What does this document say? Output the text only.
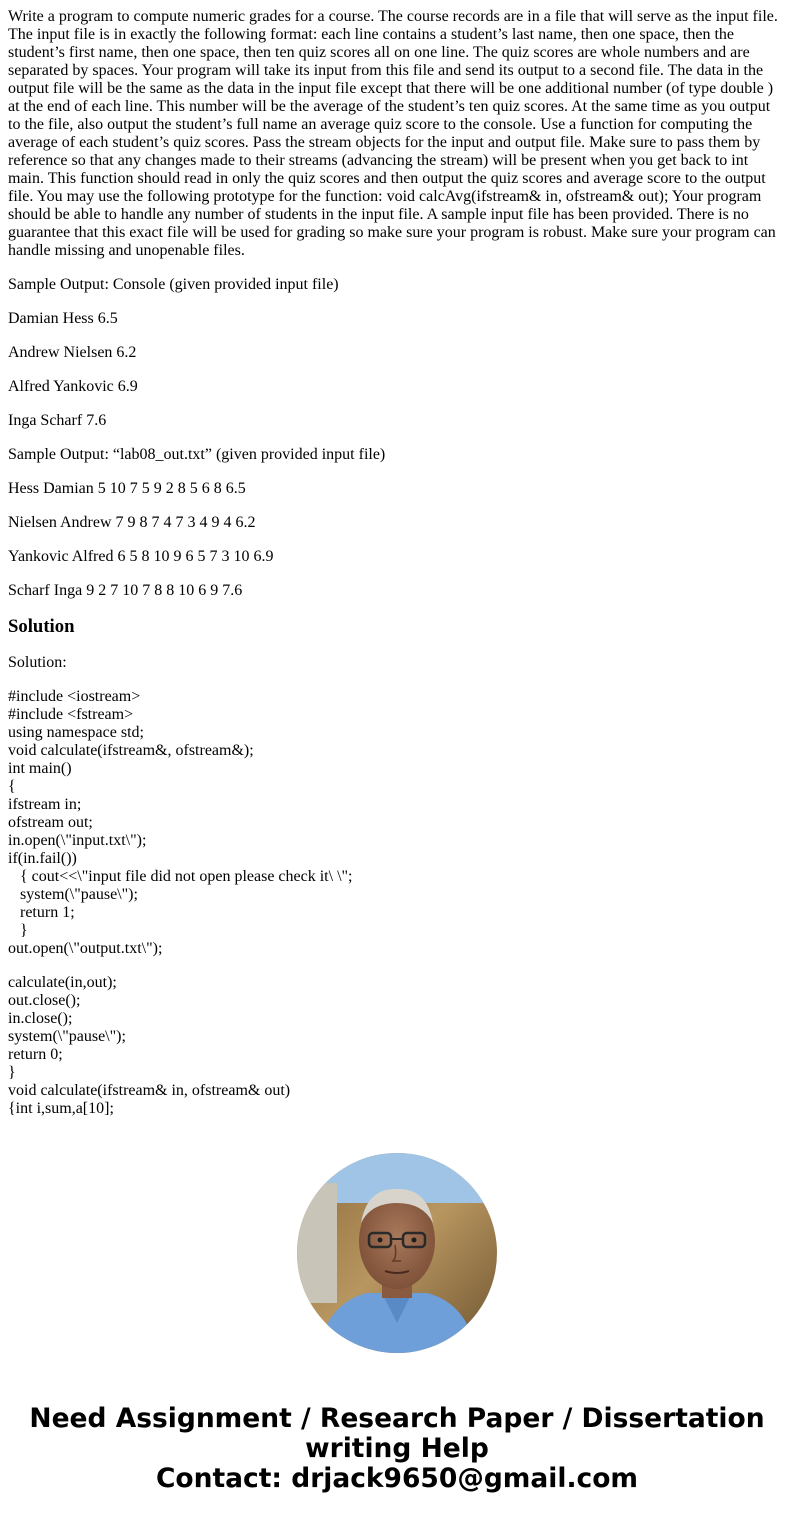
Write a program to compute numeric grades for a course. The course records are in a file that will serve as the input file. The input file is in exactly the following format: each line contains a student’s last name, then one space, then the student’s first name, then one space, then ten quiz scores all on one line. The quiz scores are whole numbers and are separated by spaces. Your program will take its input from this file and send its output to a second file. The data in the output file will be the same as the data in the input file except that there will be one additional number (of type double ) at the end of each line. This number will be the average of the student’s ten quiz scores. At the same time as you output to the file, also output the student’s full name an average quiz score to the console. Use a function for computing the average of each student’s quiz scores. Pass the stream objects for the input and output file. Make sure to pass them by reference so that any changes made to their streams (advancing the stream) will be present when you get back to int main. This function should read in only the quiz scores and then output the quiz scores and average score to the output file. You may use the following prototype for the function: void calcAvg(ifstream& in, ofstream& out); Your program should be able to handle any number of students in the input file. A sample input file has been provided. There is no guarantee that this exact file will be used for grading so make sure your program is robust. Make sure your program can handle missing and unopenable files.

Sample Output: Console (given provided input file)

Damian Hess 6.5

Andrew Nielsen 6.2

Alfred Yankovic 6.9

Inga Scharf 7.6

Sample Output: “lab08_out.txt” (given provided input file)

Hess Damian 5 10 7 5 9 2 8 5 6 8 6.5

Nielsen Andrew 7 9 8 7 4 7 3 4 9 4 6.2

Yankovic Alfred 6 5 8 10 9 6 5 7 3 10 6.9

Scharf Inga 9 2 7 10 7 8 8 10 6 9 7.6

Solution

Solution:

#include <iostream>
#include <fstream>
using namespace std;
void calculate(ifstream&, ofstream&);
int main()
{
ifstream in;
ofstream out;
in.open(\"input.txt\");
if(in.fail())
{ cout<<\"input file did not open please check it\ \";
system(\"pause\");
return 1;
}
out.open(\"output.txt\");

calculate(in,out);
out.close();
in.close();
system(\"pause\");
return 0;
}
void calculate(ifstream& in, ofstream& out)
{int i,sum,a[10];

Need Assignment / Research Paper / Dissertation
writing Help
Contact: drjack9650@gmail.com
